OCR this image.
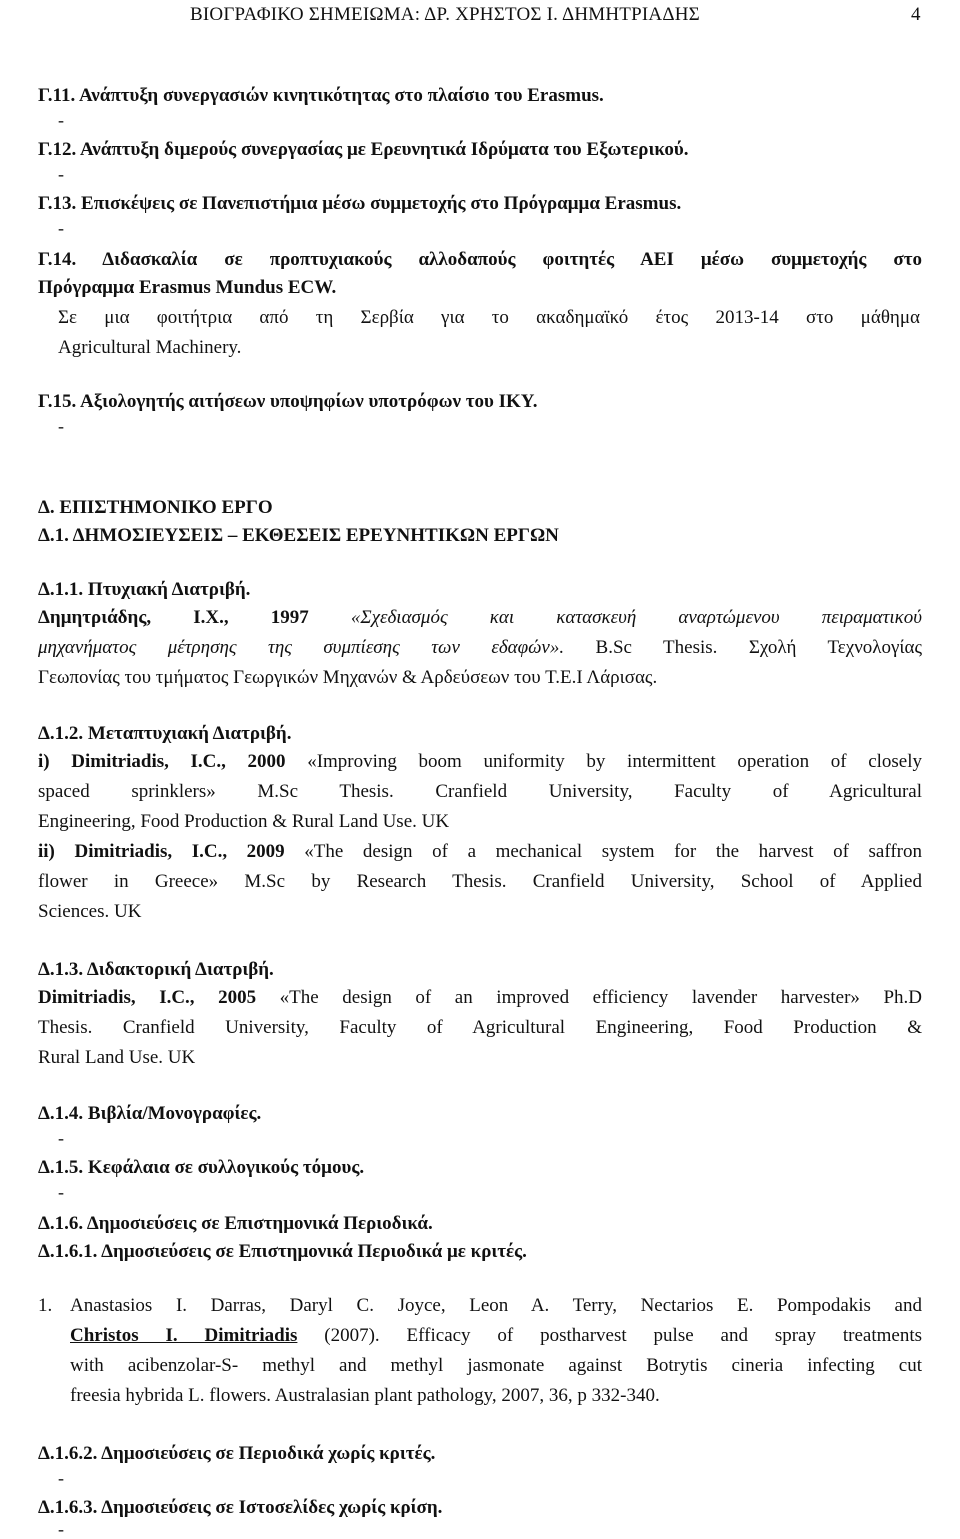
ΒΙΟΓΡΑΦΙΚΟ ΣΗΜΕΙΩΜΑ: ΔΡ. ΧΡΗΣΤΟΣ Ι. ΔΗΜΗΤΡΙΑΔΗΣ	4
Γ.11. Ανάπτυξη συνεργασιών κινητικότητας στο πλαίσιο του Erasmus.
-
Γ.12. Ανάπτυξη διμερούς συνεργασίας με Ερευνητικά Ιδρύματα του Εξωτερικού.
-
Γ.13. Επισκέψεις σε Πανεπιστήμια μέσω συμμετοχής στο Πρόγραμμα Erasmus.
-
Γ.14. Διδασκαλία σε προπτυχιακούς αλλοδαπούς φοιτητές ΑΕΙ μέσω συμμετοχής στο
Πρόγραμμα Erasmus Mundus ECW.
Σε μια φοιτήτρια από τη Σερβία για το ακαδημαϊκό έτος 2013-14 στο μάθημα
Agricultural Machinery.
Γ.15. Αξιολογητής αιτήσεων υποψηφίων υποτρόφων του ΙΚΥ.
-
Δ. ΕΠΙΣΤΗΜΟΝΙΚΟ ΕΡΓΟ
Δ.1. ΔΗΜΟΣΙΕΥΣΕΙΣ – ΕΚΘΕΣΕΙΣ ΕΡΕΥΝΗΤΙΚΩΝ ΕΡΓΩΝ
Δ.1.1. Πτυχιακή Διατριβή.
Δημητριάδης, Ι.Χ., 1997 «Σχεδιασμός και κατασκευή αναρτώμενου πειραματικού
μηχανήματος μέτρησης της συμπίεσης των εδαφών». B.Sc Thesis. Σχολή Τεχνολογίας
Γεωπονίας του τμήματος Γεωργικών Μηχανών & Αρδεύσεων του Τ.Ε.Ι Λάρισας.
Δ.1.2. Μεταπτυχιακή Διατριβή.
i) Dimitriadis, I.C., 2000 «Improving boom uniformity by intermittent operation of closely
spaced sprinklers» M.Sc Thesis. Cranfield University, Faculty of Agricultural
Engineering, Food Production & Rural Land Use. UK
ii) Dimitriadis, I.C., 2009 «The design of a mechanical system for the harvest of saffron
flower in Greece» M.Sc by Research Thesis. Cranfield University, School of Applied
Sciences. UK
Δ.1.3. Διδακτορική Διατριβή.
Dimitriadis, I.C., 2005 «The design of an improved efficiency lavender harvester» Ph.D
Thesis. Cranfield University, Faculty of Agricultural Engineering, Food Production &
Rural Land Use. UK
Δ.1.4. Βιβλία/Μονογραφίες.
-
Δ.1.5. Κεφάλαια σε συλλογικούς τόμους.
-
Δ.1.6. Δημοσιεύσεις σε Επιστημονικά Περιοδικά.
Δ.1.6.1. Δημοσιεύσεις σε Επιστημονικά Περιοδικά με κριτές.
1. Anastasios I. Darras, Daryl C. Joyce, Leon A. Terry, Nectarios E. Pompodakis and
Christos I. Dimitriadis (2007). Efficacy of postharvest pulse and spray treatments
with acibenzolar-S- methyl and methyl jasmonate against Botrytis cineria infecting cut
freesia hybrida L. flowers. Australasian plant pathology, 2007, 36, p 332-340.
Δ.1.6.2. Δημοσιεύσεις σε Περιοδικά χωρίς κριτές.
-
Δ.1.6.3. Δημοσιεύσεις σε Ιστοσελίδες χωρίς κρίση.
-
